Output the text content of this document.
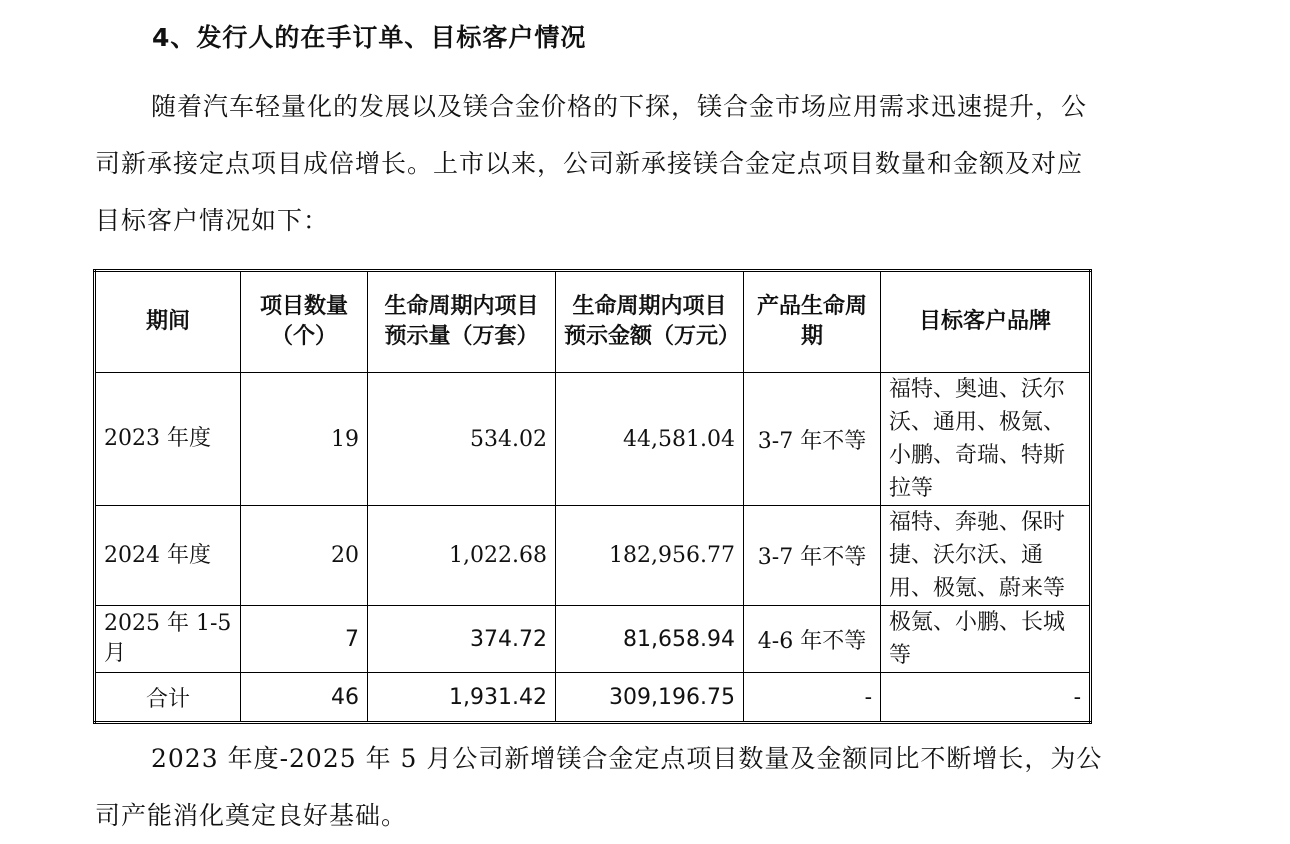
4、发行人的在手订单、目标客户情况

随着汽车轻量化的发展以及镁合金价格的下探，镁合金市场应用需求迅速提升，公司新承接定点项目成倍增长。上市以来，公司新承接镁合金定点项目数量和金额及对应目标客户情况如下：

期间	项目数量（个）	生命周期内项目预示量（万套）	生命周期内项目预示金额（万元）	产品生命周期	目标客户品牌
2023 年度	19	534.02	44,581.04	3-7 年不等	福特、奥迪、沃尔沃、通用、极氪、小鹏、奇瑞、特斯拉等
2024 年度	20	1,022.68	182,956.77	3-7 年不等	福特、奔驰、保时捷、沃尔沃、通用、极氪、蔚来等
2025 年 1-5 月	7	374.72	81,658.94	4-6 年不等	极氪、小鹏、长城等
合计	46	1,931.42	309,196.75	-	-

2023 年度-2025 年 5 月公司新增镁合金定点项目数量及金额同比不断增长，为公司产能消化奠定良好基础。
